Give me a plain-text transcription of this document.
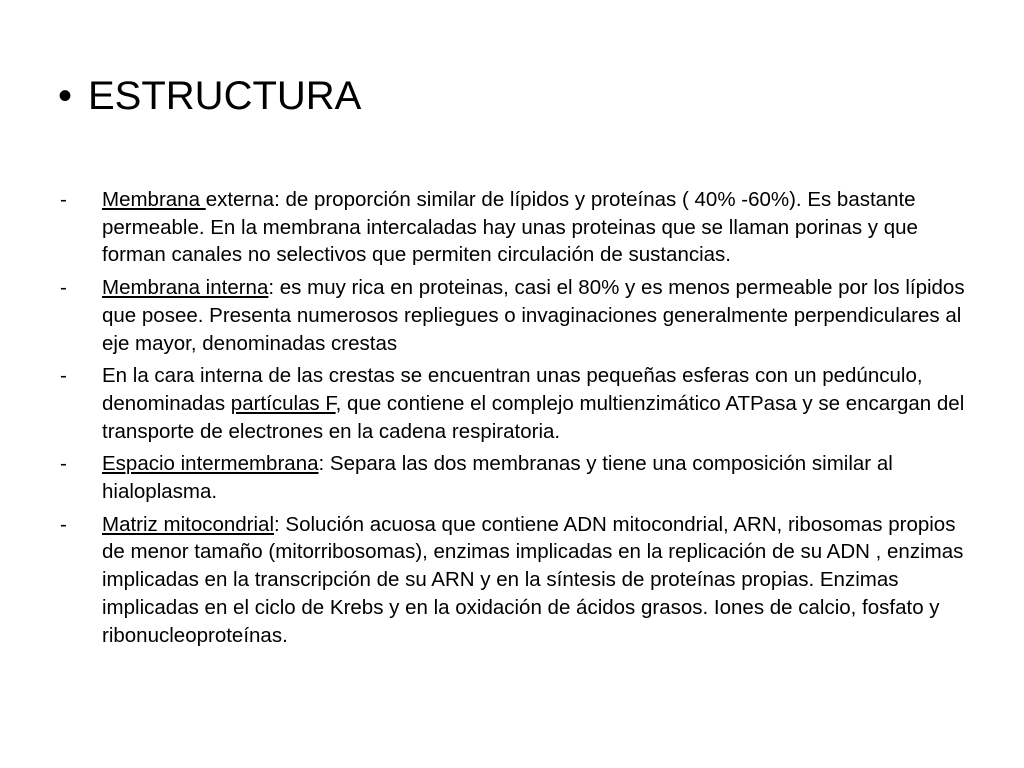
• ESTRUCTURA
-	Membrana externa: de proporción similar de lípidos y proteínas ( 40% -60%). Es bastante permeable. En la membrana intercaladas hay unas proteinas que se llaman porinas y que forman canales no selectivos que permiten circulación de sustancias.
-	Membrana interna: es muy rica en proteinas, casi el 80% y es menos permeable por los lípidos que posee. Presenta numerosos repliegues o invaginaciones generalmente perpendiculares al eje mayor, denominadas crestas
-	En la cara interna de las crestas se encuentran unas pequeñas esferas con un pedúnculo, denominadas partículas F, que contiene el complejo multienzimático ATPasa y se encargan del transporte de electrones en la cadena respiratoria.
-	Espacio intermembrana: Separa las dos membranas y tiene una composición similar al hialoplasma.
-	Matriz mitocondrial: Solución acuosa que contiene ADN mitocondrial, ARN, ribosomas propios de menor tamaño (mitorribosomas), enzimas implicadas en la replicación de su ADN , enzimas implicadas en la transcripción de su ARN y en la síntesis de proteínas propias. Enzimas implicadas en el ciclo de Krebs y en la oxidación de ácidos grasos. Iones de calcio, fosfato y ribonucleoproteínas.
